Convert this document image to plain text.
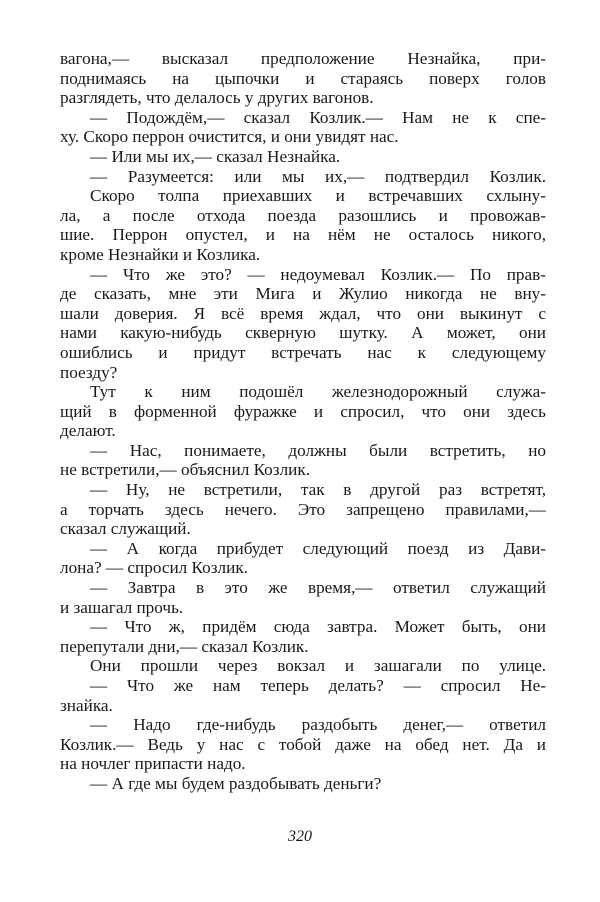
вагона,— высказал предположение Незнайка, при-
поднимаясь на цыпочки и стараясь поверх голов
разглядеть, что делалось у других вагонов.
— Подождём,— сказал Козлик.— Нам не к спе-
ху. Скоро перрон очистится, и они увидят нас.
— Или мы их,— сказал Незнайка.
— Разумеется: или мы их,— подтвердил Козлик.
Скоро толпа приехавших и встречавших схлыну-
ла, а после отхода поезда разошлись и провожав-
шие. Перрон опустел, и на нём не осталось никого,
кроме Незнайки и Козлика.
— Что же это? — недоумевал Козлик.— По прав-
де сказать, мне эти Мига и Жулио никогда не вну-
шали доверия. Я всё время ждал, что они выкинут с
нами какую-нибудь скверную шутку. А может, они
ошиблись и придут встречать нас к следующему
поезду?
Тут к ним подошёл железнодорожный служа-
щий в форменной фуражке и спросил, что они здесь
делают.
— Нас, понимаете, должны были встретить, но
не встретили,— объяснил Козлик.
— Ну, не встретили, так в другой раз встретят,
а торчать здесь нечего. Это запрещено правилами,—
сказал служащий.
— А когда прибудет следующий поезд из Дави-
лона? — спросил Козлик.
— Завтра в это же время,— ответил служащий
и зашагал прочь.
— Что ж, придём сюда завтра. Может быть, они
перепутали дни,— сказал Козлик.
Они прошли через вокзал и зашагали по улице.
— Что же нам теперь делать? — спросил Не-
знайка.
— Надо где-нибудь раздобыть денег,— ответил
Козлик.— Ведь у нас с тобой даже на обед нет. Да и
на ночлег припасти надо.
— А где мы будем раздобывать деньги?
320
